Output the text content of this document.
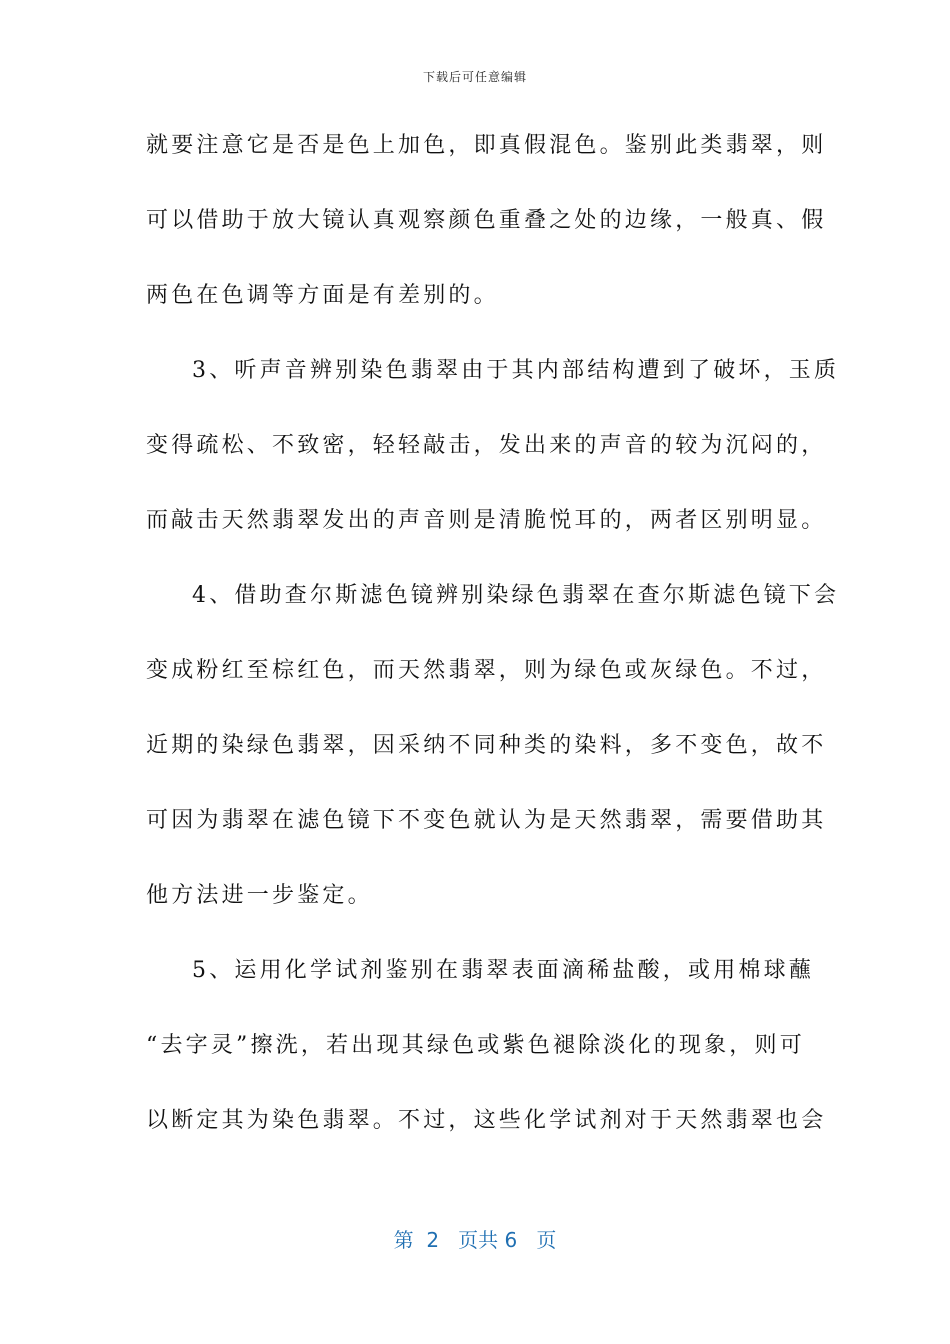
下载后可任意编辑
就要注意它是否是色上加色，即真假混色。鉴别此类翡翠，则
可以借助于放大镜认真观察颜色重叠之处的边缘，一般真、假
两色在色调等方面是有差别的。
3、听声音辨别染色翡翠由于其内部结构遭到了破坏，玉质
变得疏松、不致密，轻轻敲击，发出来的声音的较为沉闷的，
而敲击天然翡翠发出的声音则是清脆悦耳的，两者区别明显。
4、借助查尔斯滤色镜辨别染绿色翡翠在查尔斯滤色镜下会
变成粉红至棕红色，而天然翡翠，则为绿色或灰绿色。不过，
近期的染绿色翡翠，因采纳不同种类的染料，多不变色，故不
可因为翡翠在滤色镜下不变色就认为是天然翡翠，需要借助其
他方法进一步鉴定。
5、运用化学试剂鉴别在翡翠表面滴稀盐酸，或用棉球蘸
“去字灵”擦洗，若出现其绿色或紫色褪除淡化的现象，则可
以断定其为染色翡翠。不过，这些化学试剂对于天然翡翠也会
第  2   页共 6   页
